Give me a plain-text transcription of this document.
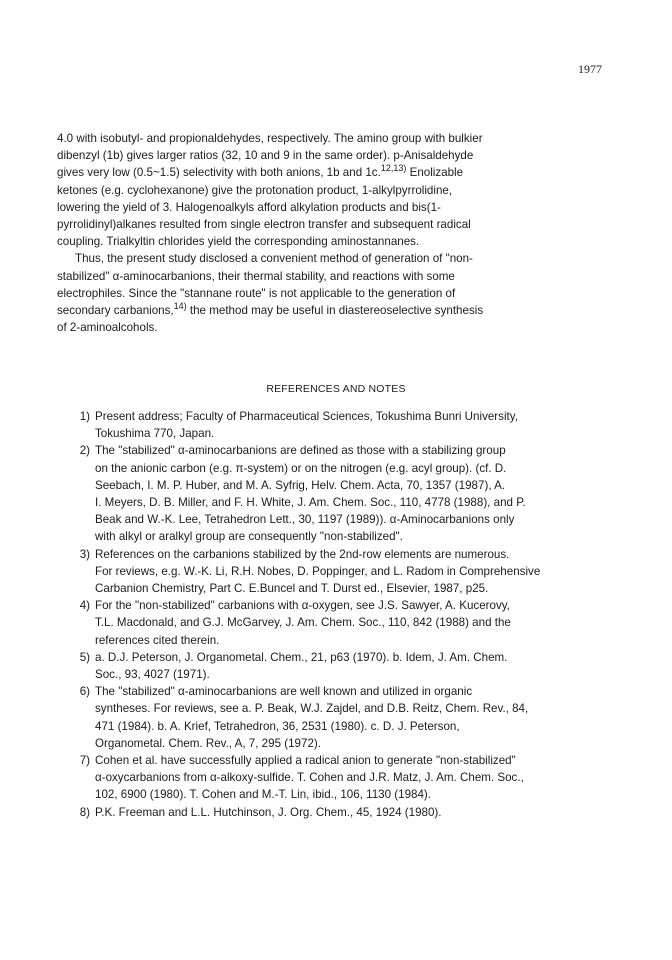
1977
4.0 with isobutyl- and propionaldehydes, respectively. The amino group with bulkier
dibenzyl (1b) gives larger ratios (32, 10 and 9 in the same order). p-Anisaldehyde
gives very low (0.5~1.5) selectivity with both anions, 1b and 1c.$^{12,13)}$ Enolizable
ketones (e.g. cyclohexanone) give the protonation product, 1-alkylpyrrolidine,
lowering the yield of 3. Halogenoalkyls afford alkylation products and bis(1-
pyrrolidinyl)alkanes resulted from single electron transfer and subsequent radical
coupling. Trialkyltin chlorides yield the corresponding aminostannanes.
Thus, the present study disclosed a convenient method of generation of "non-
stabilized" α-aminocarbanions, their thermal stability, and reactions with some
electrophiles. Since the "stannane route" is not applicable to the generation of
secondary carbanions,$^{14)}$ the method may be useful in diastereoselective synthesis
of 2-aminoalcohols.
REFERENCES AND NOTES
1) Present address; Faculty of Pharmaceutical Sciences, Tokushima Bunri University,
Tokushima 770, Japan.
2) The "stabilized" α-aminocarbanions are defined as those with a stabilizing group
on the anionic carbon (e.g. π-system) or on the nitrogen (e.g. acyl group). (cf. D.
Seebach, I. M. P. Huber, and M. A. Syfrig, Helv. Chem. Acta, 70, 1357 (1987), A.
I. Meyers, D. B. Miller, and F. H. White, J. Am. Chem. Soc., 110, 4778 (1988), and P.
Beak and W.-K. Lee, Tetrahedron Lett., 30, 1197 (1989)). α-Aminocarbanions only
with alkyl or aralkyl group are consequently "non-stabilized".
3) References on the carbanions stabilized by the 2nd-row elements are numerous.
For reviews, e.g. W.-K. Li, R.H. Nobes, D. Poppinger, and L. Radom in Comprehensive
Carbanion Chemistry, Part C. E.Buncel and T. Durst ed., Elsevier, 1987, p25.
4) For the "non-stabilized" carbanions with α-oxygen, see J.S. Sawyer, A. Kucerovy,
T.L. Macdonald, and G.J. McGarvey, J. Am. Chem. Soc., 110, 842 (1988) and the
references cited therein.
5) a. D.J. Peterson, J. Organometal. Chem., 21, p63 (1970). b. Idem, J. Am. Chem.
Soc., 93, 4027 (1971).
6) The "stabilized" α-aminocarbanions are well known and utilized in organic
syntheses. For reviews, see a. P. Beak, W.J. Zajdel, and D.B. Reitz, Chem. Rev., 84,
471 (1984). b. A. Krief, Tetrahedron, 36, 2531 (1980). c. D. J. Peterson,
Organometal. Chem. Rev., A, 7, 295 (1972).
7) Cohen et al. have successfully applied a radical anion to generate "non-stabilized"
α-oxycarbanions from α-alkoxy-sulfide. T. Cohen and J.R. Matz, J. Am. Chem. Soc.,
102, 6900 (1980). T. Cohen and M.-T. Lin, ibid., 106, 1130 (1984).
8) P.K. Freeman and L.L. Hutchinson, J. Org. Chem., 45, 1924 (1980).
